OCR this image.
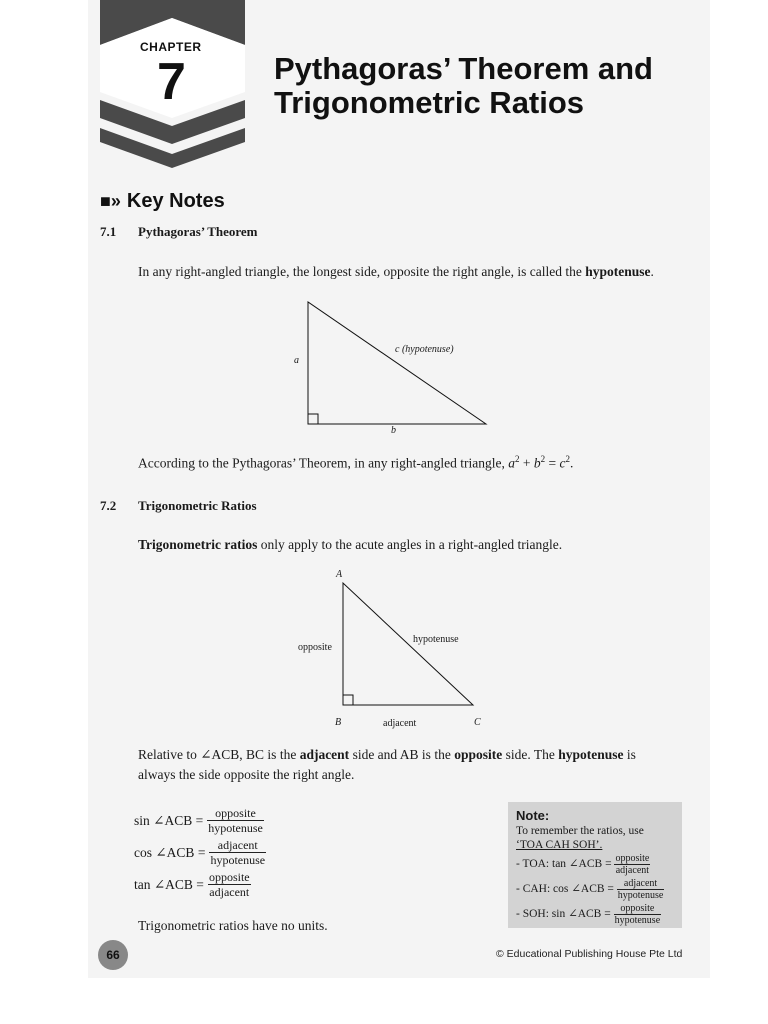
CHAPTER
7	Pythagoras’ Theorem and
Trigonometric Ratios
■» Key Notes
7.1 Pythagoras’ Theorem
In any right-angled triangle, the longest side, opposite the right angle, is called the hypotenuse.
a
b
c (hypotenuse)
According to the Pythagoras’ Theorem, in any right-angled triangle, $a^2 + b^2 = c^2$.
7.2 Trigonometric Ratios
Trigonometric ratios only apply to the acute angles in a right-angled triangle.
A
B	C
opposite
hypotenuse
adjacent
Relative to ∠ACB, BC is the adjacent side and AB is the opposite side. The hypotenuse is
always the side opposite the right angle.
sin ∠ACB = $\frac{\text{opposite}}{\text{hypotenuse}}$
cos ∠ACB = $\frac{\text{adjacent}}{\text{hypotenuse}}$
tan ∠ACB = $\frac{\text{opposite}}{\text{adjacent}}$
Trigonometric ratios have no units.
Note:
To remember the ratios, use
‘TOA CAH SOH’.
- TOA: tan ∠ACB = $\frac{\text{opposite}}{\text{adjacent}}$
- CAH: cos ∠ACB = $\frac{\text{adjacent}}{\text{hypotenuse}}$
- SOH: sin ∠ACB = $\frac{\text{opposite}}{\text{hypotenuse}}$
66	© Educational Publishing House Pte Ltd
